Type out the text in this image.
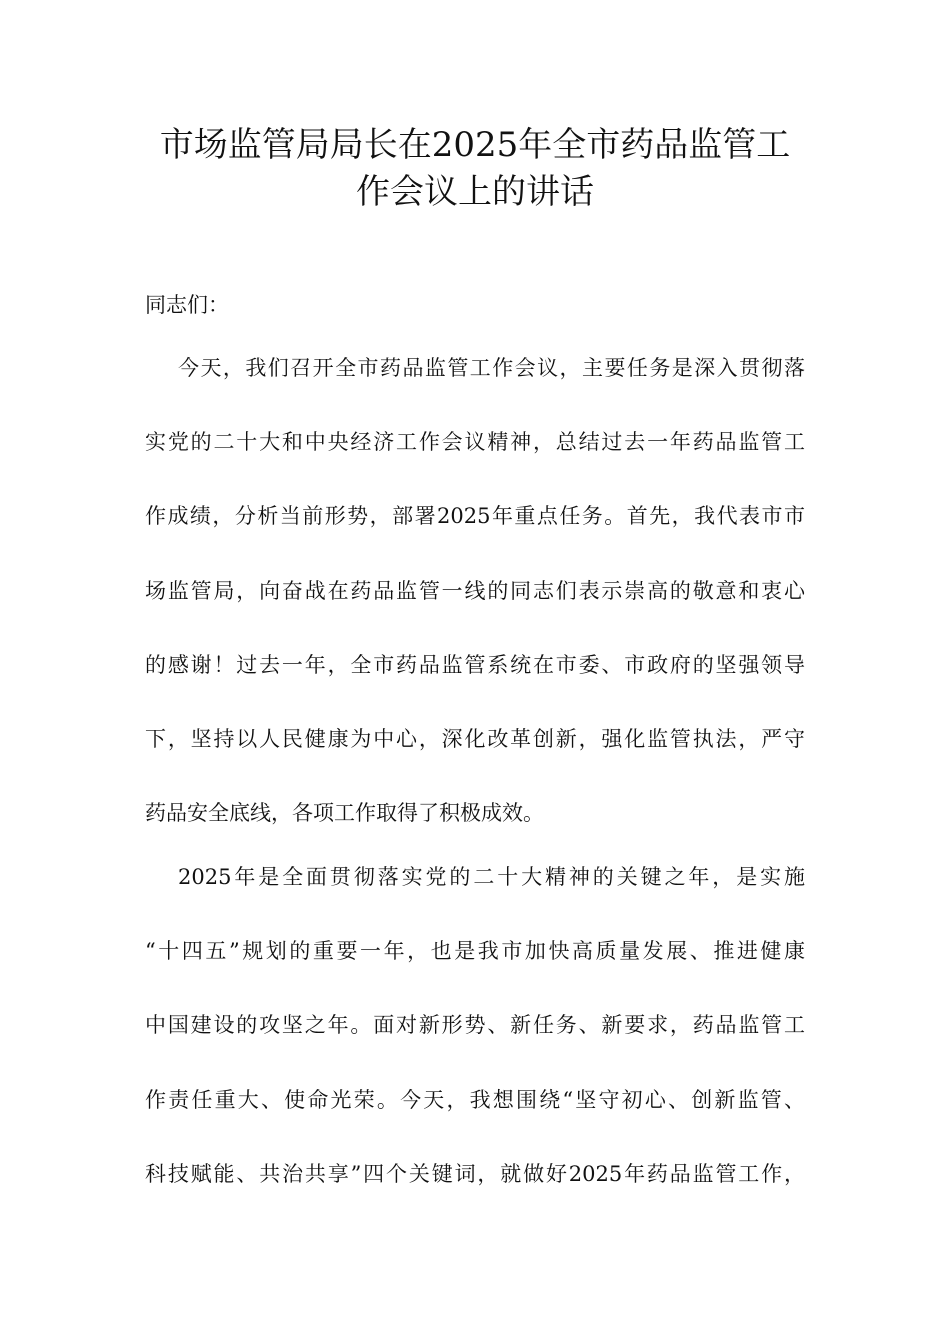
市场监管局局长在2025年全市药品监管工
作会议上的讲话
同志们：
今天，我们召开全市药品监管工作会议，主要任务是深入贯彻落
实党的二十大和中央经济工作会议精神，总结过去一年药品监管工
作成绩，分析当前形势，部署2025年重点任务。首先，我代表市市
场监管局，向奋战在药品监管一线的同志们表示崇高的敬意和衷心
的感谢！过去一年，全市药品监管系统在市委、市政府的坚强领导
下，坚持以人民健康为中心，深化改革创新，强化监管执法，严守
药品安全底线，各项工作取得了积极成效。
2025年是全面贯彻落实党的二十大精神的关键之年，是实施
“十四五”规划的重要一年，也是我市加快高质量发展、推进健康
中国建设的攻坚之年。面对新形势、新任务、新要求，药品监管工
作责任重大、使命光荣。今天，我想围绕“坚守初心、创新监管、
科技赋能、共治共享”四个关键词，就做好2025年药品监管工作，
